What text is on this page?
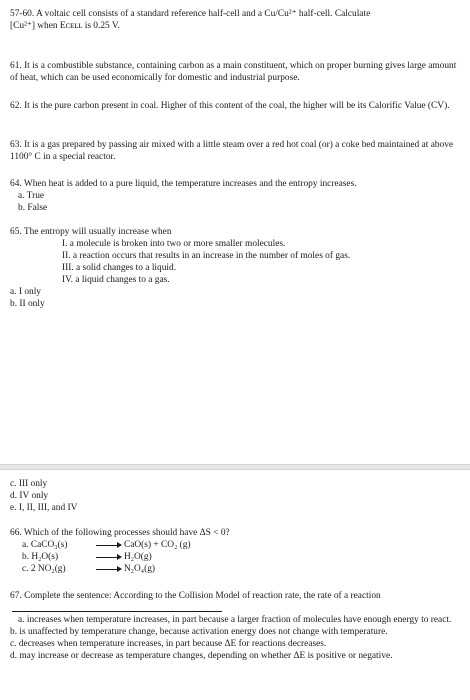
57-60. A voltaic cell consists of a standard reference half-cell and a Cu/Cu²⁺ half-cell. Calculate

[Cu²⁺] when Eᴄᴇʟʟ is 0.25 V.

61. It is a combustible substance, containing carbon as a main constituent, which on proper burning gives large amount of heat, which can be used economically for domestic and industrial purpose.

62. It is the pure carbon present in coal. Higher of this content of the coal, the higher will be its Calorific Value (CV).

63. It is a gas prepared by passing air mixed with a little steam over a red hot coal (or) a coke bed maintained at above 1100° C in a special reactor.

64. When heat is added to a pure liquid, the temperature increases and the entropy increases.

a. True

b. False

65. The entropy will usually increase when

I. a molecule is broken into two or more smaller molecules.

II. a reaction occurs that results in an increase in the number of moles of gas.

III. a solid changes to a liquid.

IV. a liquid changes to a gas.

a. I only

b. II only

c. III only

d. IV only

e. I, II, III, and IV

66. Which of the following processes should have ΔS < 0?

a. CaCO₃(s)	CaO(s) + CO₂ (g)
b. H₂O(s)	H₂O(g)
c. 2 NO₂(g)	N₂O₄(g)

67. Complete the sentence: According to the Collision Model of reaction rate, the rate of a reaction

a. increases when temperature increases, in part because a larger fraction of molecules have enough energy to react.

b. is unaffected by temperature change, because activation energy does not change with temperature.

c. decreases when temperature increases, in part because ΔE for reactions decreases.

d. may increase or decrease as temperature changes, depending on whether ΔE is positive or negative.
